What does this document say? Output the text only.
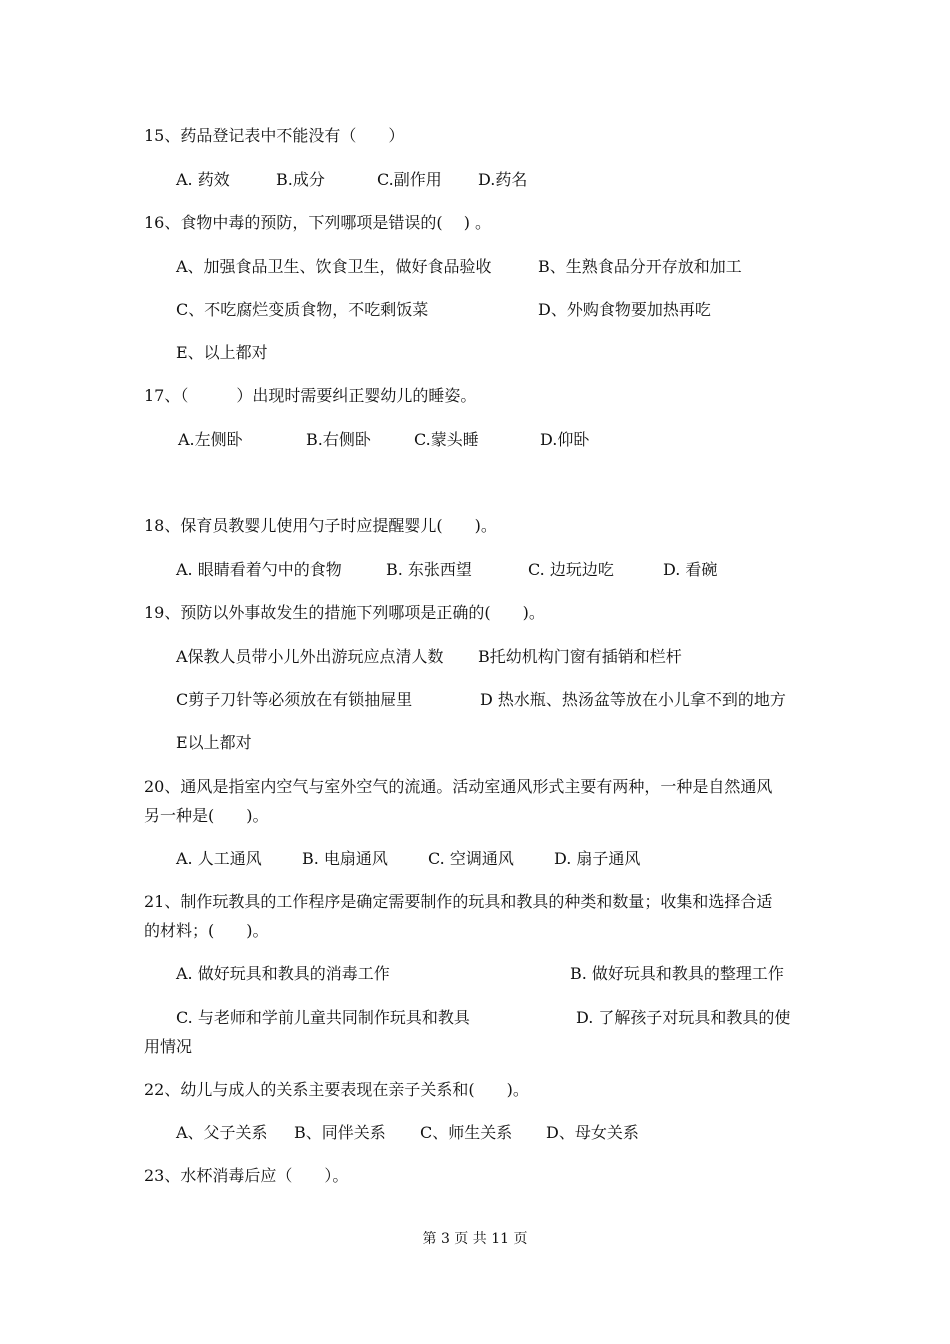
15、药品登记表中不能没有（　　）
A. 药效	B.成分	C.副作用 D.药名
16、食物中毒的预防，下列哪项是错误的(　 ) 。
A、加强食品卫生、饮食卫生，做好食品验收	B、生熟食品分开存放和加工
C、不吃腐烂变质食物，不吃剩饭菜	D、外购食物要加热再吃
E、以上都对
17、（　　　）出现时需要纠正婴幼儿的睡姿。
A.左侧卧	B.右侧卧	C.蒙头睡	D.仰卧
18、保育员教婴儿使用勺子时应提醒婴儿(　　)。
A. 眼睛看着勺中的食物	B. 东张西望	C. 边玩边吃	D. 看碗
19、预防以外事故发生的措施下列哪项是正确的(　　)。
A保教人员带小儿外出游玩应点清人数 B托幼机构门窗有插销和栏杆
C剪子刀针等必须放在有锁抽屉里	D 热水瓶、热汤盆等放在小儿拿不到的地方
E以上都对
20、通风是指室内空气与室外空气的流通。活动室通风形式主要有两种，一种是自然通风
另一种是(　　)。
A. 人工通风	B. 电扇通风	C. 空调通风	D. 扇子通风
21、制作玩教具的工作程序是确定需要制作的玩具和教具的种类和数量；收集和选择合适
的材料；(　　)。
A. 做好玩具和教具的消毒工作	B. 做好玩具和教具的整理工作
C. 与老师和学前儿童共同制作玩具和教具	D. 了解孩子对玩具和教具的使
用情况
22、幼儿与成人的关系主要表现在亲子关系和(　　)。
A、父子关系 B、同伴关系 C、师生关系 D、母女关系
23、水杯消毒后应（　　）。
第 3 页 共 11 页
